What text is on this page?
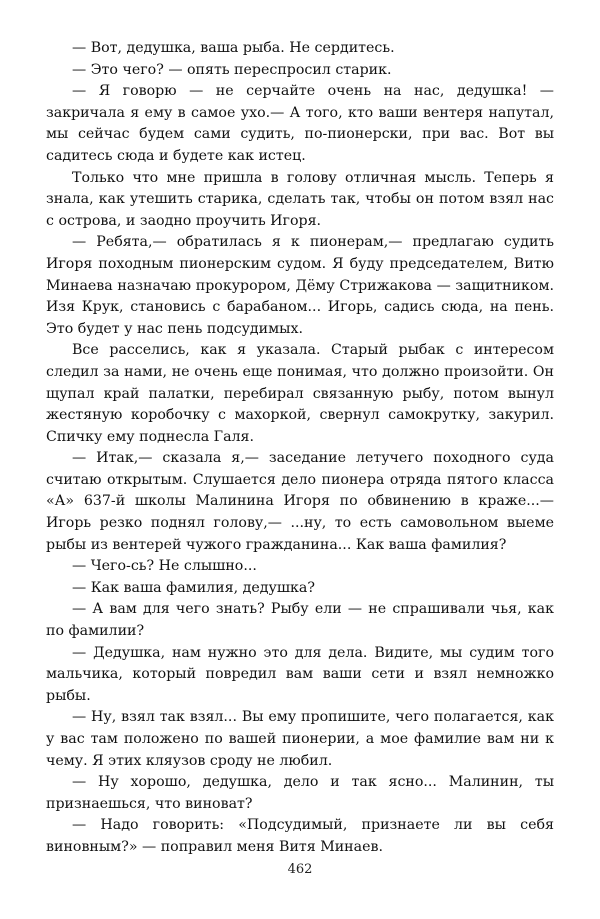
— Вот, дедушка, ваша рыба. Не сердитесь.

— Это чего? — опять переспросил старик.

— Я говорю — не серчайте очень на нас, дедушка! — закричала я ему в самое ухо.— А того, кто ваши вентеря напутал, мы сейчас будем сами судить, по-пионерски, при вас. Вот вы садитесь сюда и будете как истец.

Только что мне пришла в голову отличная мысль. Теперь я знала, как утешить старика, сделать так, чтобы он потом взял нас с острова, и заодно проучить Игоря.

— Ребята,— обратилась я к пионерам,— предлагаю судить Игоря походным пионерским судом. Я буду председателем, Витю Минаева назначаю прокурором, Дёму Стрижакова — защитником. Изя Крук, становись с барабаном... Игорь, садись сюда, на пень. Это будет у нас пень подсудимых.

Все расселись, как я указала. Старый рыбак с интересом следил за нами, не очень еще понимая, что должно произойти. Он щупал край палатки, перебирал связанную рыбу, потом вынул жестяную коробочку с махоркой, свернул самокрутку, закурил. Спичку ему поднесла Галя.

— Итак,— сказала я,— заседание летучего походного суда считаю открытым. Слушается дело пионера отряда пятого класса «А» 637-й школы Малинина Игоря по обвинению в краже...— Игорь резко поднял голову,— ...ну, то есть самовольном выеме рыбы из вентерей чужого гражданина... Как ваша фамилия?

— Чего-сь? Не слышно...

— Как ваша фамилия, дедушка?

— А вам для чего знать? Рыбу ели — не спрашивали чья, как по фамилии?

— Дедушка, нам нужно это для дела. Видите, мы судим того мальчика, который повредил вам ваши сети и взял немножко рыбы.

— Ну, взял так взял... Вы ему пропишите, чего полагается, как у вас там положено по вашей пионерии, а мое фамилие вам ни к чему. Я этих кляузов сроду не любил.

— Ну хорошо, дедушка, дело и так ясно... Малинин, ты признаешься, что виноват?

— Надо говорить: «Подсудимый, признаете ли вы себя виновным?» — поправил меня Витя Минаев.

462
